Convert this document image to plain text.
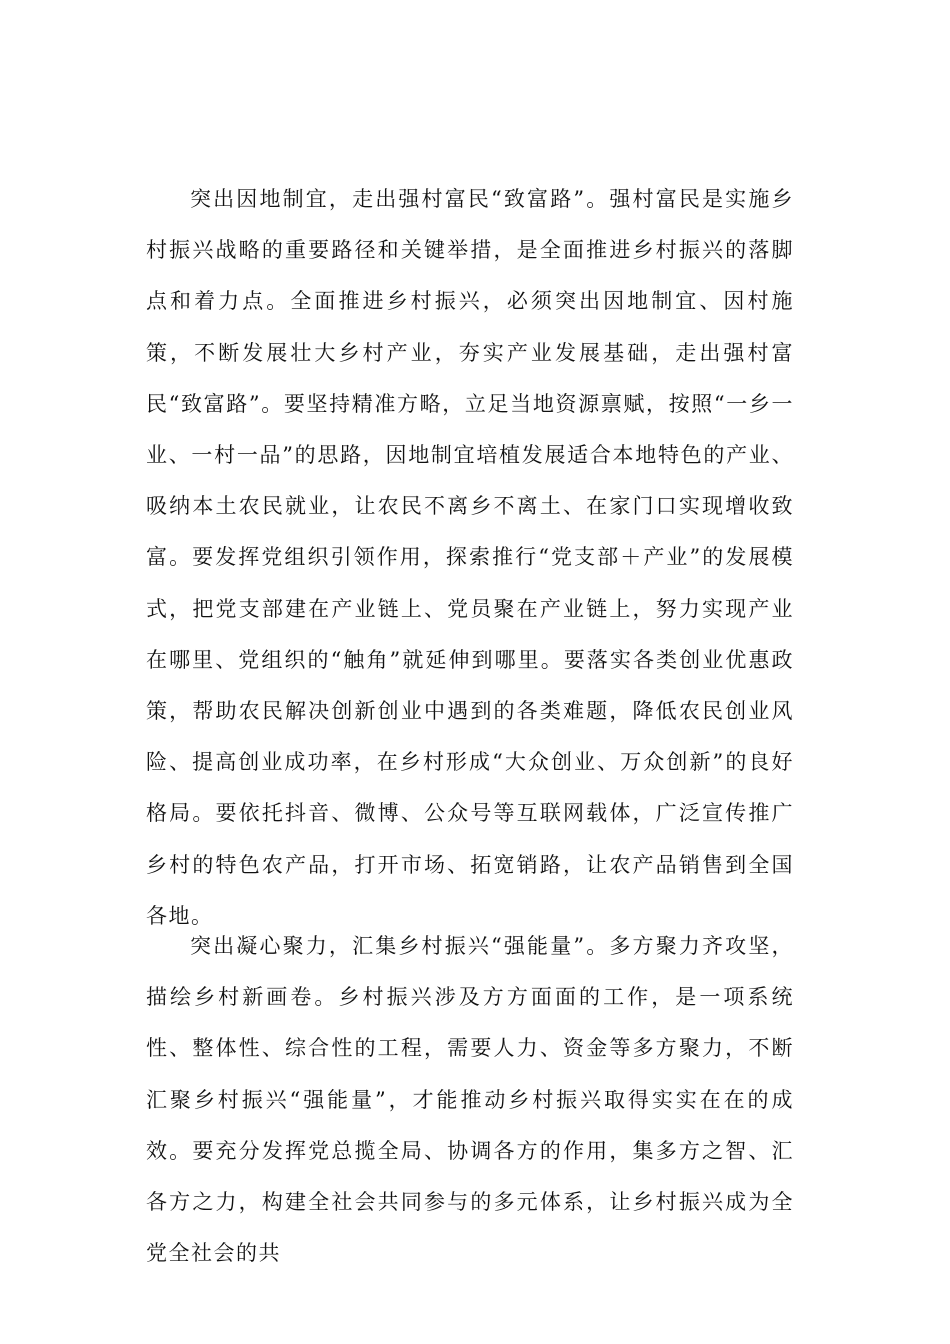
突出因地制宜，走出强村富民“致富路”。强村富民是实施乡村振兴战略的重要路径和关键举措，是全面推进乡村振兴的落脚点和着力点。全面推进乡村振兴，必须突出因地制宜、因村施策，不断发展壮大乡村产业，夯实产业发展基础，走出强村富民“致富路”。要坚持精准方略，立足当地资源禀赋，按照“一乡一业、一村一品”的思路，因地制宜培植发展适合本地特色的产业、吸纳本土农民就业，让农民不离乡不离土、在家门口实现增收致富。要发挥党组织引领作用，探索推行“党支部＋产业”的发展模式，把党支部建在产业链上、党员聚在产业链上，努力实现产业在哪里、党组织的“触角”就延伸到哪里。要落实各类创业优惠政策，帮助农民解决创新创业中遇到的各类难题，降低农民创业风险、提高创业成功率，在乡村形成“大众创业、万众创新”的良好格局。要依托抖音、微博、公众号等互联网载体，广泛宣传推广乡村的特色农产品，打开市场、拓宽销路，让农产品销售到全国各地。

突出凝心聚力，汇集乡村振兴“强能量”。多方聚力齐攻坚，描绘乡村新画卷。乡村振兴涉及方方面面的工作，是一项系统性、整体性、综合性的工程，需要人力、资金等多方聚力，不断汇聚乡村振兴“强能量”，才能推动乡村振兴取得实实在在的成效。要充分发挥党总揽全局、协调各方的作用，集多方之智、汇各方之力，构建全社会共同参与的多元体系，让乡村振兴成为全党全社会的共
